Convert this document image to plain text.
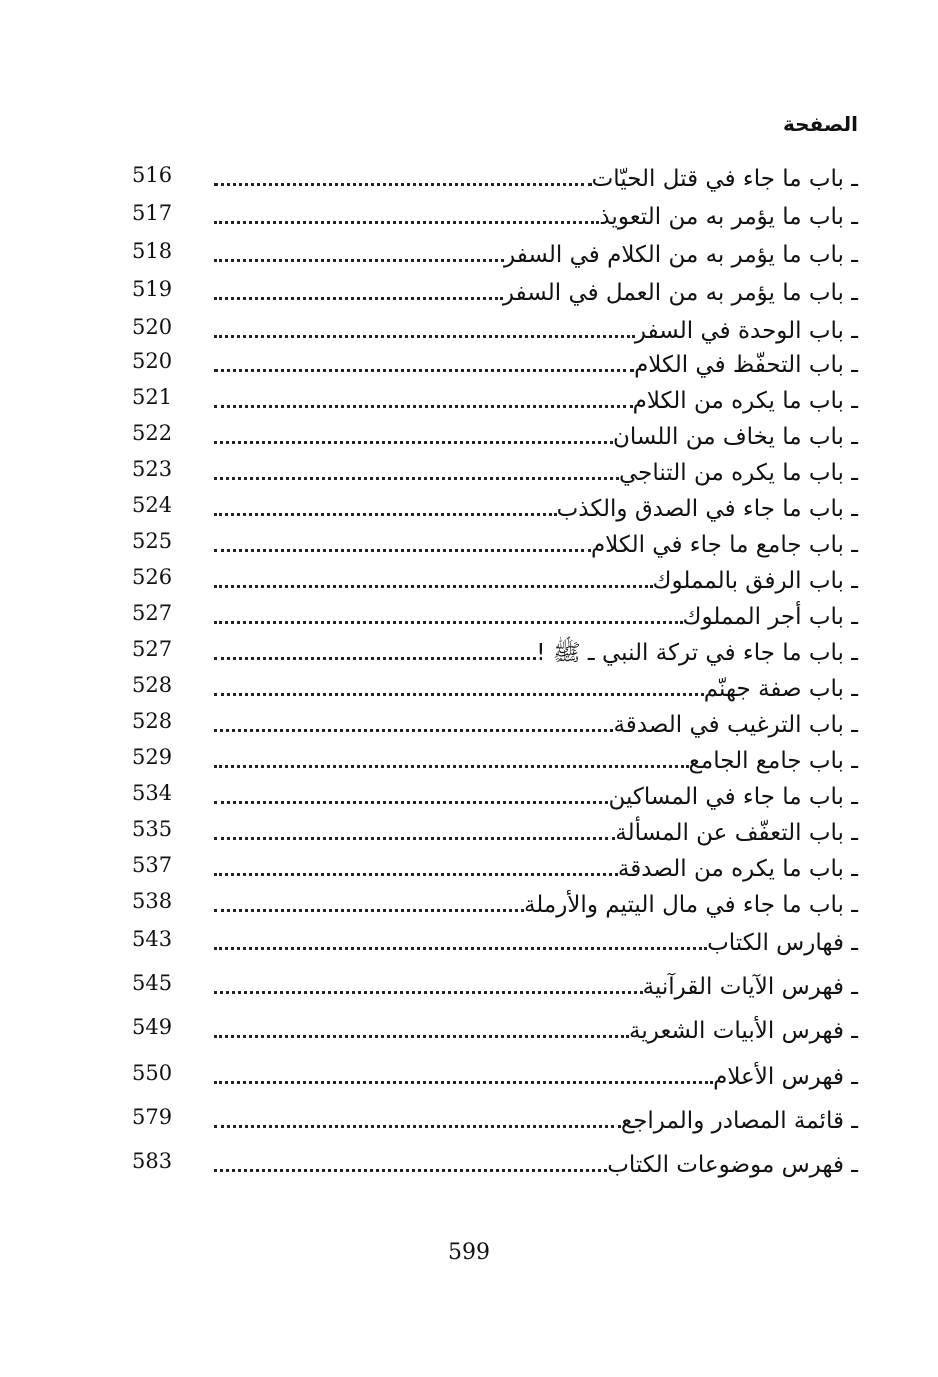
الصفحة
516	ـ باب ما جاء في قتل الحيّات
517	ـ باب ما يؤمر به من التعويذ
518	ـ باب ما يؤمر به من الكلام في السفر
519	ـ باب ما يؤمر به من العمل في السفر
520	ـ باب الوحدة في السفر
520	ـ باب التحفّظ في الكلام
521	ـ باب ما يكره من الكلام
522	ـ باب ما يخاف من اللسان
523	ـ باب ما يكره من التناجي
524	ـ باب ما جاء في الصدق والكذب
525	ـ باب جامع ما جاء في الكلام
526	ـ باب الرفق بالمملوك
527	ـ باب أجر المملوك
527	ـ باب ما جاء في تركة النبي ـ ﷺ !
528	ـ باب صفة جهنّم
528	ـ باب الترغيب في الصدقة
529	ـ باب جامع الجامع
534	ـ باب ما جاء في المساكين
535	ـ باب التعفّف عن المسألة
537	ـ باب ما يكره من الصدقة
538	ـ باب ما جاء في مال اليتيم والأرملة
543	ـ فهارس الكتاب
545	ـ فهرس الآيات القرآنية
549	ـ فهرس الأبيات الشعرية
550	ـ فهرس الأعلام
579	ـ قائمة المصادر والمراجع
583	ـ فهرس موضوعات الكتاب
599
